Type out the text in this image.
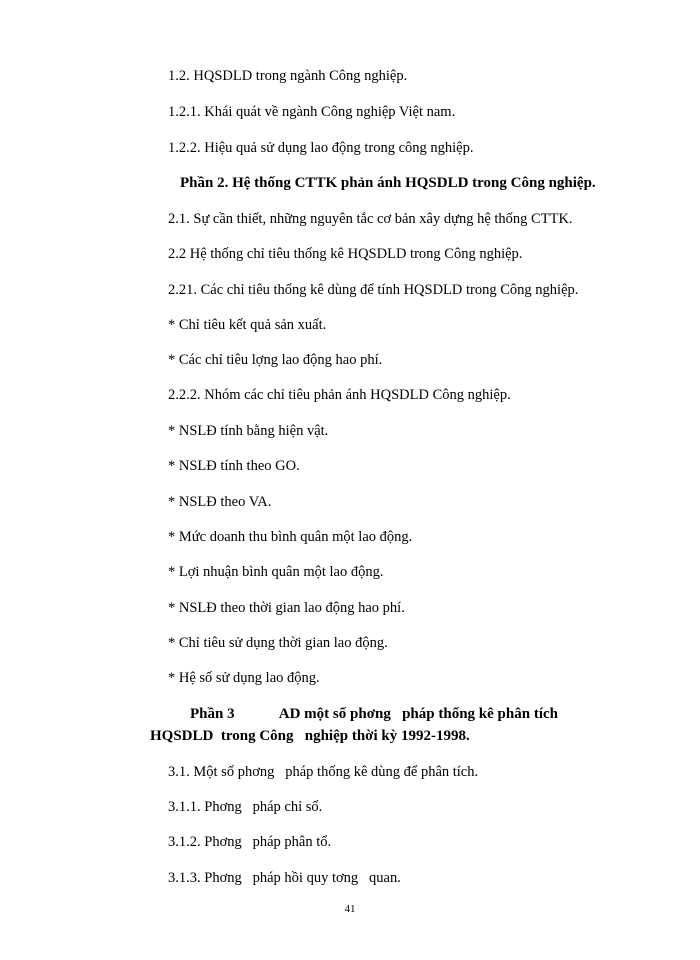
1.2. HQSDLD trong ngành Công nghiệp.
1.2.1. Khái quát về ngành Công nghiệp Việt nam.
1.2.2. Hiệu quả sử dụng lao động trong công nghiệp.
Phần 2. Hệ thống CTTK phản ánh HQSDLD trong Công nghiệp.
2.1. Sự cần thiết, những nguyên tắc cơ bản xây dựng hệ thống CTTK.
2.2 Hệ thống chỉ tiêu thống kê HQSDLD trong Công nghiệp.
2.21. Các chỉ tiêu thống kê dùng để tính HQSDLD trong Công nghiệp.
* Chỉ tiêu kết quả sản xuất.
* Các chỉ tiêu lợng lao động hao phí.
2.2.2. Nhóm các chỉ tiêu phản ánh HQSDLD Công nghiệp.
* NSLĐ tính bằng hiện vật.
* NSLĐ tính theo GO.
* NSLĐ theo VA.
* Mức doanh thu bình quân một lao động.
* Lợi nhuận bình quân một lao động.
* NSLĐ theo thời gian lao động hao phí.
* Chỉ tiêu sử dụng thời gian lao động.
* Hệ số sử dụng lao động.
Phần 3            AD một số phơng   pháp thống kê phân tích
HQSDLD  trong Công   nghiệp thời kỳ 1992-1998.
3.1. Một số phơng   pháp thống kê dùng để phân tích.
3.1.1. Phơng   pháp chỉ số.
3.1.2. Phơng   pháp phân tổ.
3.1.3. Phơng   pháp hồi quy tơng   quan.
41
